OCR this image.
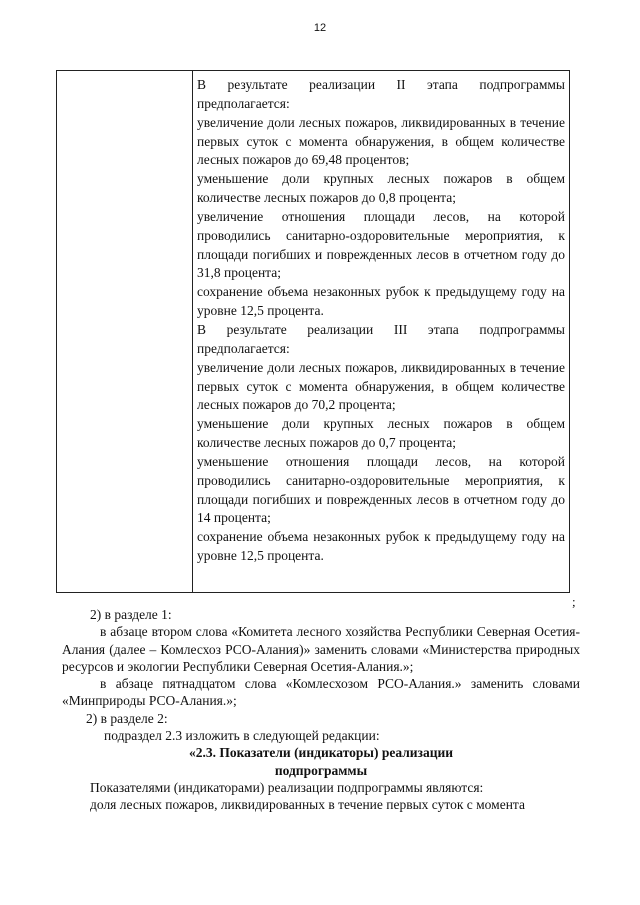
12

В результате реализации II этапа подпрограммы предполагается:

увеличение доли лесных пожаров, ликвидированных в течение первых суток с момента обнаружения, в общем количестве лесных пожаров до 69,48 процентов;

уменьшение доли крупных лесных пожаров в общем количестве лесных пожаров до 0,8 процента;

увеличение отношения площади лесов, на которой проводились санитарно-оздоровительные мероприятия, к площади погибших и поврежденных лесов в отчетном году до 31,8 процента;

сохранение объема незаконных рубок к предыдущему году на уровне 12,5 процента.

В результате реализации III этапа подпрограммы предполагается:

увеличение доли лесных пожаров, ликвидированных в течение первых суток с момента обнаружения, в общем количестве лесных пожаров до 70,2 процента;

уменьшение доли крупных лесных пожаров в общем количестве лесных пожаров до 0,7 процента;

уменьшение отношения площади лесов, на которой проводились санитарно-оздоровительные мероприятия, к площади погибших и поврежденных лесов в отчетном году до 14 процента;

сохранение объема незаконных рубок к предыдущему году на уровне 12,5 процента.

;

2) в разделе 1:

в абзаце втором слова «Комитета лесного хозяйства Республики Северная Осетия-Алания (далее – Комлесхоз РСО-Алания)» заменить словами «Министерства природных ресурсов и экологии Республики Северная Осетия-Алания.»;

в абзаце пятнадцатом слова «Комлесхозом РСО-Алания.» заменить словами «Минприроды РСО-Алания.»;

2) в разделе 2:

подраздел 2.3 изложить в следующей редакции:

«2.3. Показатели (индикаторы) реализации

подпрограммы

Показателями (индикаторами) реализации подпрограммы являются:

доля лесных пожаров, ликвидированных в течение первых суток с момента
